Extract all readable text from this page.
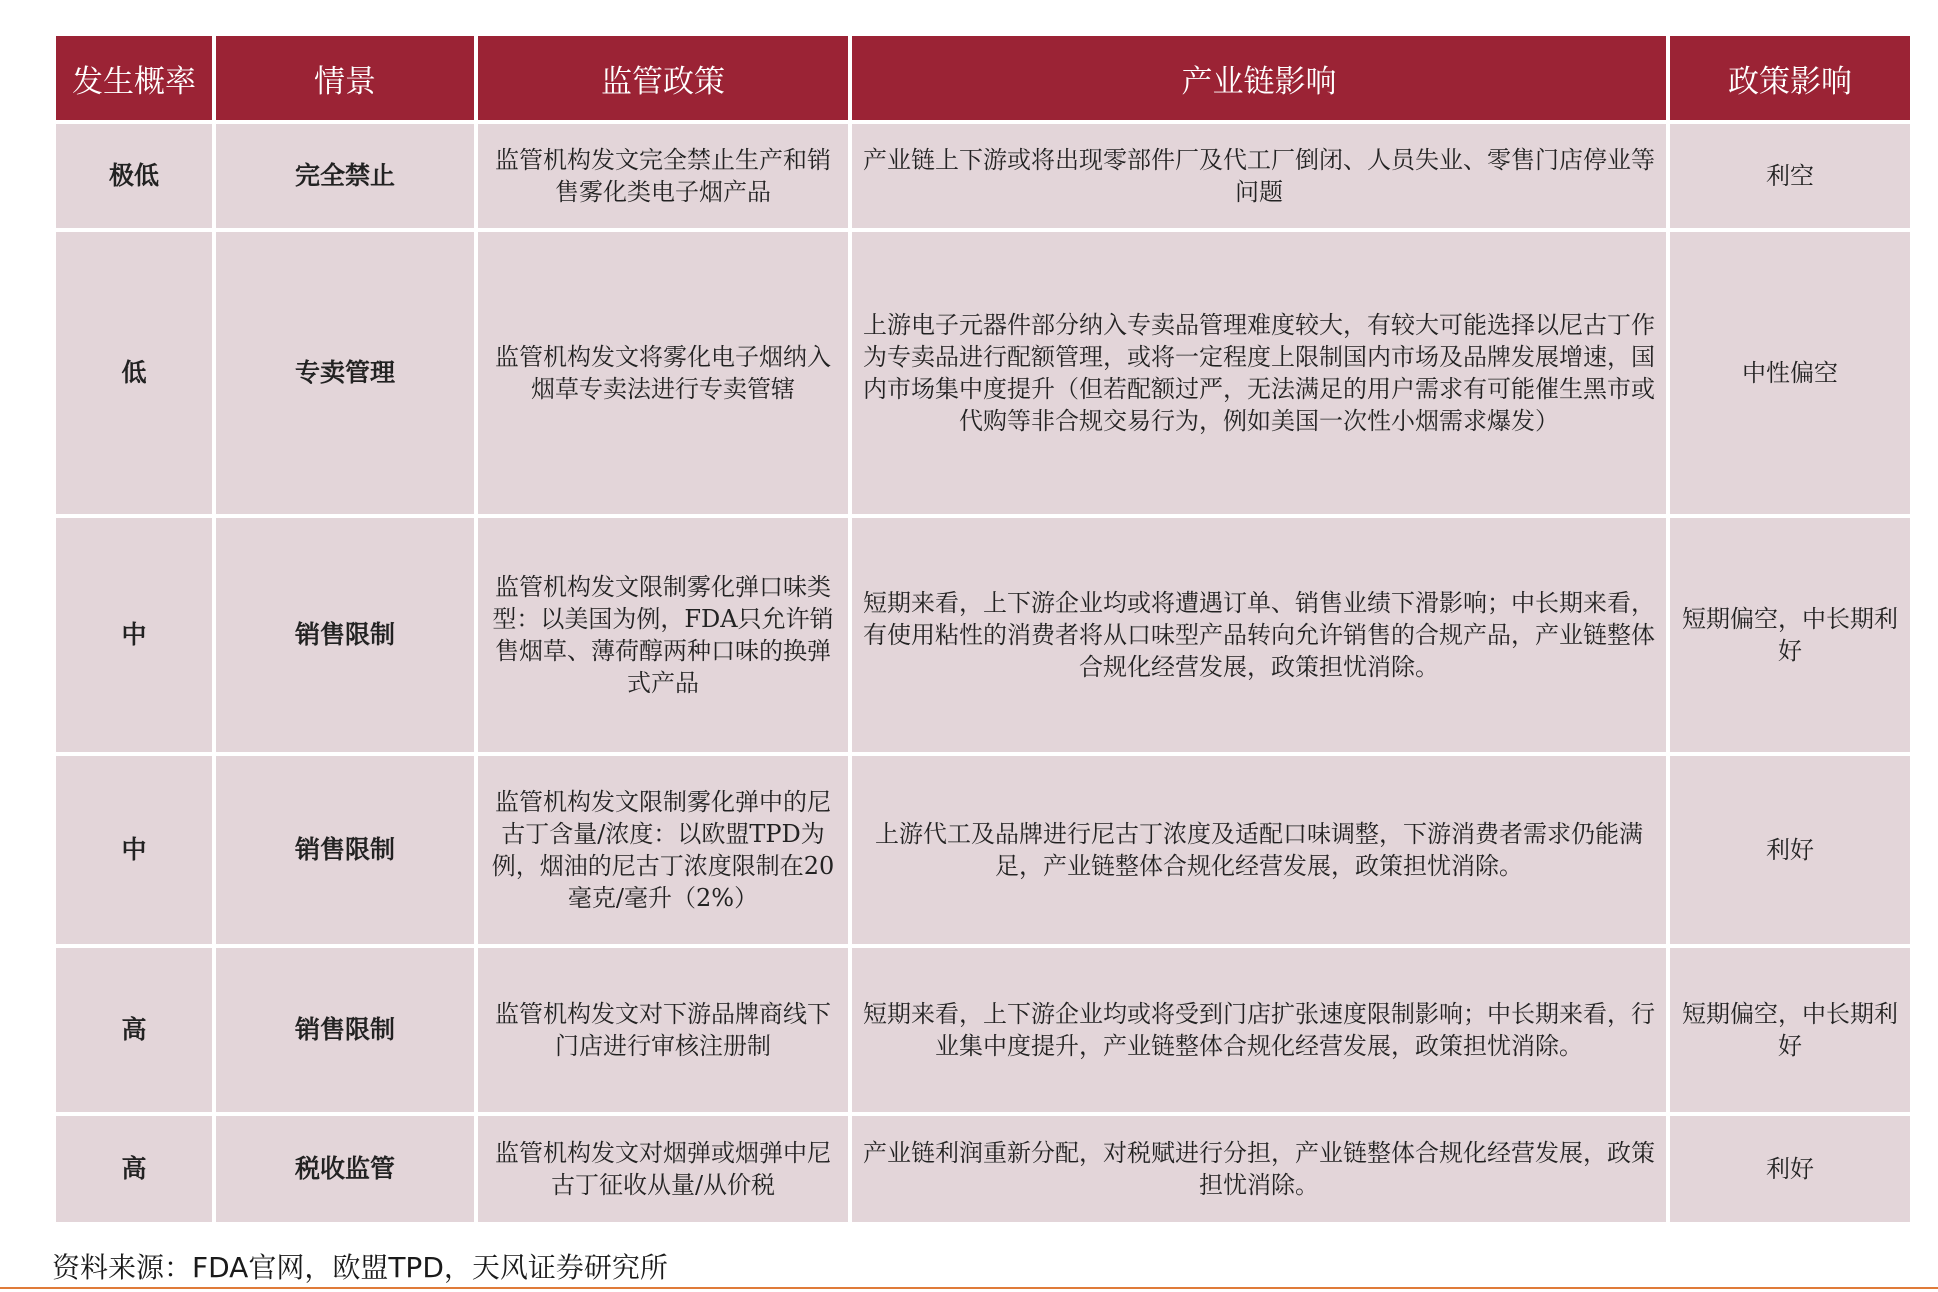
发生概率	情景	监管政策	产业链影响	政策影响
极低	完全禁止	监管机构发文完全禁止生产和销售雾化类电子烟产品	产业链上下游或将出现零部件厂及代工厂倒闭、人员失业、零售门店停业等问题	利空
低	专卖管理	监管机构发文将雾化电子烟纳入烟草专卖法进行专卖管辖	上游电子元器件部分纳入专卖品管理难度较大，有较大可能选择以尼古丁作为专卖品进行配额管理，或将一定程度上限制国内市场及品牌发展增速，国内市场集中度提升（但若配额过严，无法满足的用户需求有可能催生黑市或代购等非合规交易行为，例如美国一次性小烟需求爆发）	中性偏空
中	销售限制	监管机构发文限制雾化弹口味类型：以美国为例，FDA只允许销售烟草、薄荷醇两种口味的换弹式产品	短期来看，上下游企业均或将遭遇订单、销售业绩下滑影响；中长期来看，有使用粘性的消费者将从口味型产品转向允许销售的合规产品，产业链整体合规化经营发展，政策担忧消除。	短期偏空，中长期利好
中	销售限制	监管机构发文限制雾化弹中的尼古丁含量/浓度：以欧盟TPD为例，烟油的尼古丁浓度限制在20毫克/毫升（2%）	上游代工及品牌进行尼古丁浓度及适配口味调整，下游消费者需求仍能满足，产业链整体合规化经营发展，政策担忧消除。	利好
高	销售限制	监管机构发文对下游品牌商线下门店进行审核注册制	短期来看，上下游企业均或将受到门店扩张速度限制影响；中长期来看，行业集中度提升，产业链整体合规化经营发展，政策担忧消除。	短期偏空，中长期利好
高	税收监管	监管机构发文对烟弹或烟弹中尼古丁征收从量/从价税	产业链利润重新分配，对税赋进行分担，产业链整体合规化经营发展，政策担忧消除。	利好
资料来源：FDA官网，欧盟TPD，天风证券研究所
